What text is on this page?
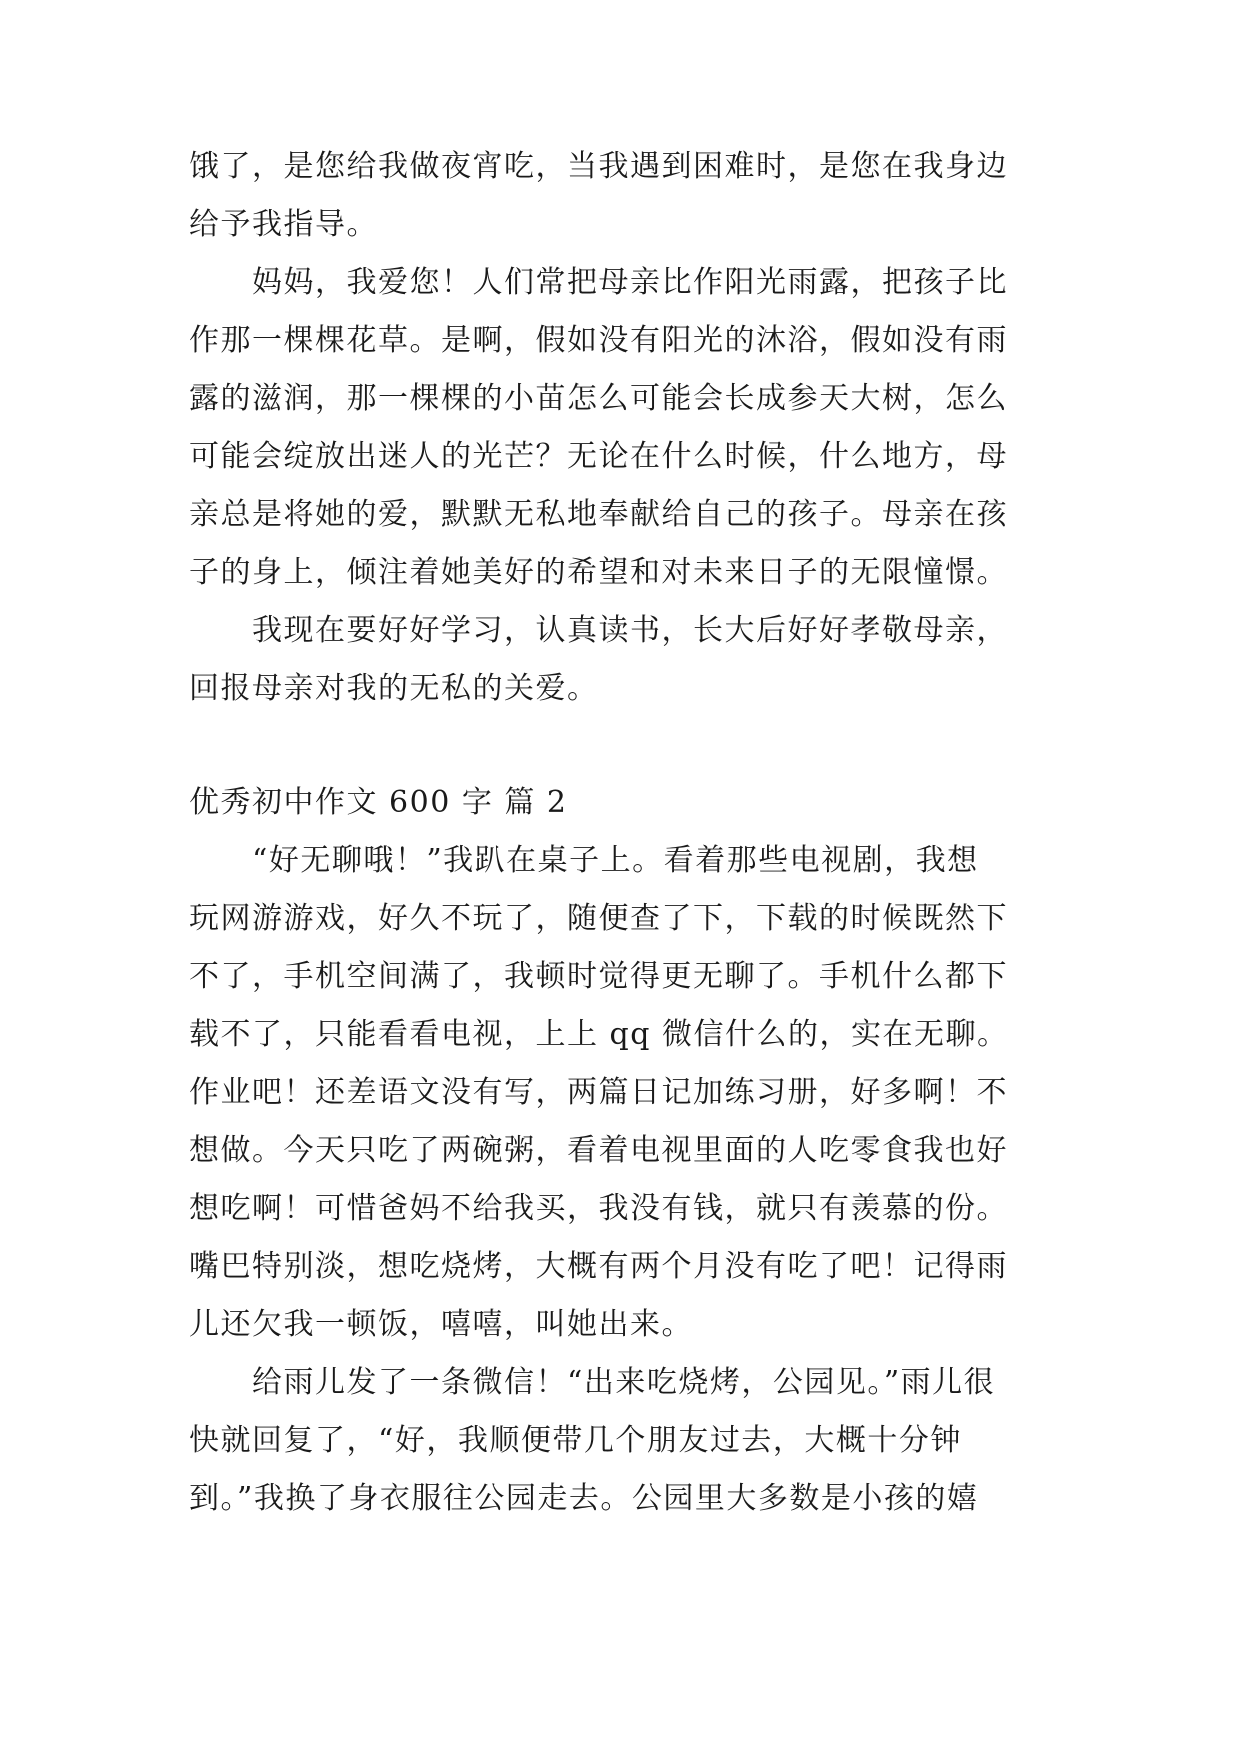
饿了，是您给我做夜宵吃，当我遇到困难时，是您在我身边
给予我指导。
妈妈，我爱您！人们常把母亲比作阳光雨露，把孩子比
作那一棵棵花草。是啊，假如没有阳光的沐浴，假如没有雨
露的滋润，那一棵棵的小苗怎么可能会长成参天大树，怎么
可能会绽放出迷人的光芒？无论在什么时候，什么地方，母
亲总是将她的爱，默默无私地奉献给自己的孩子。母亲在孩
子的身上，倾注着她美好的希望和对未来日子的无限憧憬。
我现在要好好学习，认真读书，长大后好好孝敬母亲，
回报母亲对我的无私的关爱。
优秀初中作文 600 字 篇 2
“好无聊哦！”我趴在桌子上。看着那些电视剧，我想
玩网游游戏，好久不玩了，随便查了下，下载的时候既然下
不了，手机空间满了，我顿时觉得更无聊了。手机什么都下
载不了，只能看看电视，上上 qq 微信什么的，实在无聊。
作业吧！还差语文没有写，两篇日记加练习册，好多啊！不
想做。今天只吃了两碗粥，看着电视里面的人吃零食我也好
想吃啊！可惜爸妈不给我买，我没有钱，就只有羡慕的份。
嘴巴特别淡，想吃烧烤，大概有两个月没有吃了吧！记得雨
儿还欠我一顿饭，嘻嘻，叫她出来。
给雨儿发了一条微信！“出来吃烧烤，公园见。”雨儿很
快就回复了，“好，我顺便带几个朋友过去，大概十分钟
到。”我换了身衣服往公园走去。公园里大多数是小孩的嬉
